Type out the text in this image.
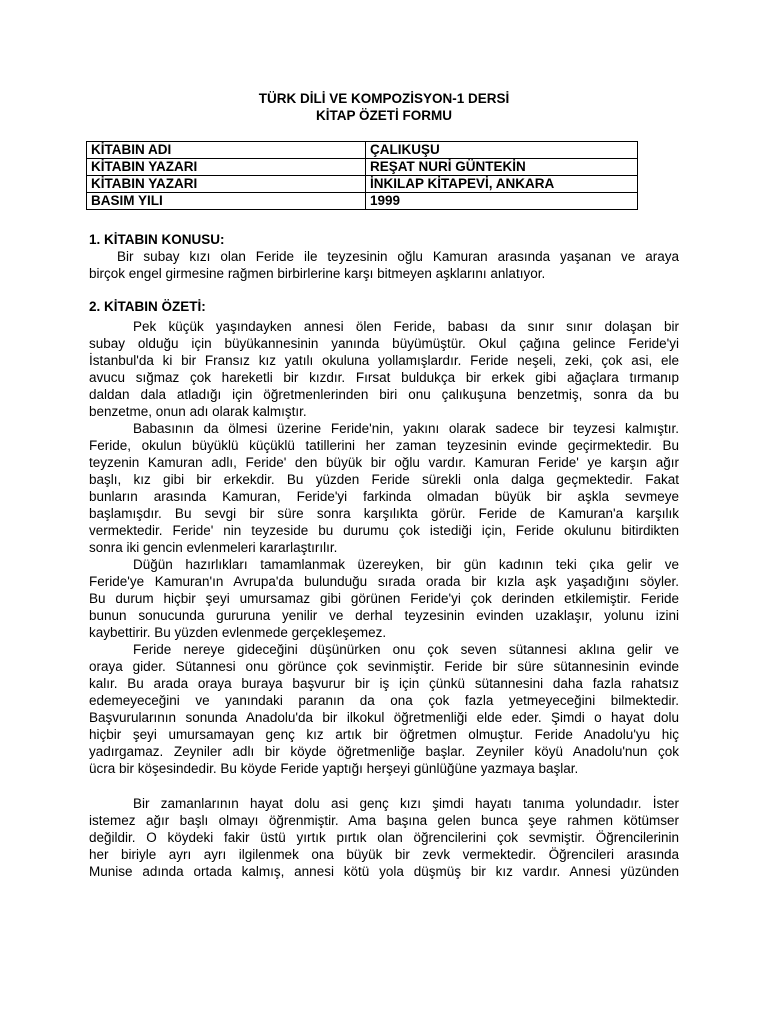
TÜRK DİLİ VE KOMPOZİSYON-1 DERSİ
KİTAP ÖZETİ FORMU
KİTABIN ADI	ÇALIKUŞU
KİTABIN YAZARI	REŞAT NURİ GÜNTEKİN
KİTABIN YAZARI	İNKILAP KİTAPEVİ, ANKARA
BASIM YILI	1999
1. KİTABIN KONUSU:
Bir subay kızı olan Feride ile teyzesinin oğlu Kamuran arasında yaşanan ve araya
birçok engel girmesine rağmen birbirlerine karşı bitmeyen aşklarını anlatıyor.
2. KİTABIN ÖZETİ:
Pek küçük yaşındayken annesi ölen Feride, babası da sınır sınır dolaşan bir
subay olduğu için büyükannesinin yanında büyümüştür. Okul çağına gelince Feride'yi
İstanbul'da ki bir Fransız kız yatılı okuluna yollamışlardır. Feride neşeli, zeki, çok asi, ele
avucu sığmaz çok hareketli bir kızdır. Fırsat buldukça bir erkek gibi ağaçlara tırmanıp
daldan dala atladığı için öğretmenlerinden biri onu çalıkuşuna benzetmiş, sonra da bu
benzetme, onun adı olarak kalmıştır.
Babasının da ölmesi üzerine Feride'nin, yakını olarak sadece bir teyzesi kalmıştır.
Feride, okulun büyüklü küçüklü tatillerini her zaman teyzesinin evinde geçirmektedir. Bu
teyzenin Kamuran adlı, Feride' den büyük bir oğlu vardır. Kamuran Feride' ye karşın ağır
başlı, kız gibi bir erkekdir. Bu yüzden Feride sürekli onla dalga geçmektedir. Fakat
bunların arasında Kamuran, Feride'yi farkinda olmadan büyük bir aşkla sevmeye
başlamışdır. Bu sevgi bir süre sonra karşılıkta görür. Feride de Kamuran'a karşılık
vermektedir. Feride' nin teyzeside bu durumu çok istediği için, Feride okulunu bitirdikten
sonra iki gencin evlenmeleri kararlaştırılır.
Düğün hazırlıkları tamamlanmak üzereyken, bir gün kadının teki çıka gelir ve
Feride'ye Kamuran'ın Avrupa'da bulunduğu sırada orada bir kızla aşk yaşadığını söyler.
Bu durum hiçbir şeyi umursamaz gibi görünen Feride'yi çok derinden etkilemiştir. Feride
bunun sonucunda gururuna yenilir ve derhal teyzesinin evinden uzaklaşır, yolunu izini
kaybettirir. Bu yüzden evlenmede gerçekleşemez.
Feride nereye gideceğini düşünürken onu çok seven sütannesi aklına gelir ve
oraya gider. Sütannesi onu görünce çok sevinmiştir. Feride bir süre sütannesinin evinde
kalır. Bu arada oraya buraya başvurur bir iş için çünkü sütannesini daha fazla rahatsız
edemeyeceğini ve yanındaki paranın da ona çok fazla yetmeyeceğini bilmektedir.
Başvurularının sonunda Anadolu'da bir ilkokul öğretmenliği elde eder. Şimdi o hayat dolu
hiçbir şeyi umursamayan genç kız artık bir öğretmen olmuştur. Feride Anadolu'yu hiç
yadırgamaz. Zeyniler adlı bir köyde öğretmenliğe başlar. Zeyniler köyü Anadolu'nun çok
ücra bir köşesindedir. Bu köyde Feride yaptığı herşeyi günlüğüne yazmaya başlar.
Bir zamanlarının hayat dolu asi genç kızı şimdi hayatı tanıma yolundadır. İster
istemez ağır başlı olmayı öğrenmiştir. Ama başına gelen bunca şeye rahmen kötümser
değildir. O köydeki fakir üstü yırtık pırtık olan öğrencilerini çok sevmiştir. Öğrencilerinin
her biriyle ayrı ayrı ilgilenmek ona büyük bir zevk vermektedir. Öğrencileri arasında
Munise adında ortada kalmış, annesi kötü yola düşmüş bir kız vardır. Annesi yüzünden
